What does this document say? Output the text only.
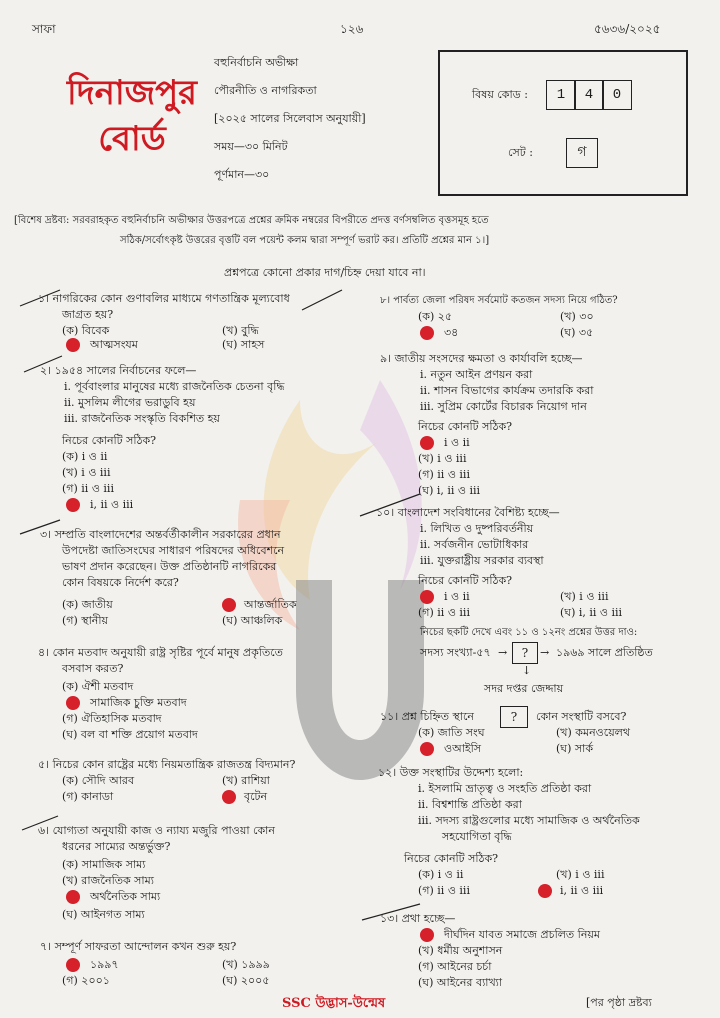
সাফা	১২৬	৫৬৩৬/২০২৫
দিনাজপুর
বোর্ড
বহুনির্বাচনি অভীক্ষা
পৌরনীতি ও নাগরিকতা
[২০২৫ সালের সিলেবাস অনুযায়ী]
সময়—৩০ মিনিট
পূর্ণমান—৩০
বিষয় কোড :	1	4	0
সেট :	গ
[বিশেষ দ্রষ্টব্য: সরবরাহকৃত বহুনির্বাচনি অভীক্ষার উত্তরপত্রে প্রশ্নের ক্রমিক নম্বরের বিপরীতে প্রদত্ত বর্ণসম্বলিত বৃত্তসমূহ হতে
সঠিক/সর্বোৎকৃষ্ট উত্তরের বৃত্তটি বল পয়েন্ট কলম দ্বারা সম্পূর্ণ ভরাট কর। প্রতিটি প্রশ্নের মান ১।]
প্রশ্নপত্রে কোনো প্রকার দাগ/চিহ্ন দেয়া যাবে না।
১। নাগরিকের কোন গুণাবলির মাধ্যমে গণতান্ত্রিক মূল্যবোধ
জাগ্রত হয়?
(ক) বিবেক	(খ) বুদ্ধি
আত্মসংযম	(ঘ) সাহস
২। ১৯৫৪ সালের নির্বাচনের ফলে—
i. পূর্ববাংলার মানুষের মধ্যে রাজনৈতিক চেতনা বৃদ্ধি
ii. মুসলিম লীগের ভরাডুবি হয়
iii. রাজনৈতিক সংস্কৃতি বিকশিত হয়
নিচের কোনটি সঠিক?
(ক) i ও ii
(খ) i ও iii
(গ) ii ও iii
i, ii ও iii
৩। সম্প্রতি বাংলাদেশের অন্তর্বর্তীকালীন সরকারের প্রধান
উপদেষ্টা জাতিসংঘের সাধারণ পরিষদের অধিবেশনে
ভাষণ প্রদান করেছেন। উক্ত প্রতিষ্ঠানটি নাগরিকের
কোন বিষয়কে নির্দেশ করে?
(ক) জাতীয়	আন্তর্জাতিক
(গ) স্থানীয়	(ঘ) আঞ্চলিক
৪। কোন মতবাদ অনুযায়ী রাষ্ট্র সৃষ্টির পূর্বে মানুষ প্রকৃতিতে
বসবাস করত?
(ক) ঐশী মতবাদ
সামাজিক চুক্তি মতবাদ
(গ) ঐতিহাসিক মতবাদ
(ঘ) বল বা শক্তি প্রয়োগ মতবাদ
৫। নিচের কোন রাষ্ট্রের মধ্যে নিয়মতান্ত্রিক রাজতন্ত্র বিদ্যমান?
(ক) সৌদি আরব	(খ) রাশিয়া
(গ) কানাডা	বৃটেন
৬। যোগ্যতা অনুযায়ী কাজ ও ন্যায্য মজুরি পাওয়া কোন
ধরনের সাম্যের অন্তর্ভুক্ত?
(ক) সামাজিক সাম্য
(খ) রাজনৈতিক সাম্য
অর্থনৈতিক সাম্য
(ঘ) আইনগত সাম্য
৭। সম্পূর্ণ সাফরতা আন্দোলন কখন শুরু হয়?
১৯৯৭	(খ) ১৯৯৯
(গ) ২০০১	(ঘ) ২০০৫
৮। পার্বত্য জেলা পরিষদ সর্বমোট কতজন সদস্য নিয়ে গঠিত?
(ক) ২৫	(খ) ৩০
৩৪	(ঘ) ৩৫
৯। জাতীয় সংসদের ক্ষমতা ও কার্যাবলি হচ্ছে—
i. নতুন আইন প্রণয়ন করা
ii. শাসন বিভাগের কার্যক্রম তদারকি করা
iii. সুপ্রিম কোর্টের বিচারক নিয়োগ দান
নিচের কোনটি সঠিক?
i ও ii
(খ) i ও iii
(গ) ii ও iii
(ঘ) i, ii ও iii
১০। বাংলাদেশ সংবিধানের বৈশিষ্ট্য হচ্ছে—
i. লিখিত ও দুষ্পরিবর্তনীয়
ii. সর্বজনীন ভোটাধিকার
iii. যুক্তরাষ্ট্রীয় সরকার ব্যবস্থা
নিচের কোনটি সঠিক?
i ও ii	(খ) i ও iii
(গ) ii ও iii	(ঘ) i, ii ও iii
নিচের ছকটি দেখে এবং ১১ ও ১২নং প্রশ্নের উত্তর দাও:
সদস্য সংখ্যা-৫৭ →	?	→ ১৯৬৯ সালে প্রতিষ্ঠিত
↓
সদর দপ্তর জেদ্দায়
১১। প্রশ্ন চিহ্নিত স্থানে	?	কোন সংস্থাটি বসবে?
(ক) জাতি সংঘ	(খ) কমনওয়েলথ
ওআইসি	(ঘ) সার্ক
১২। উক্ত সংস্থাটির উদ্দেশ্য হলো:
i. ইসলামি ভ্রাতৃত্ব ও সংহতি প্রতিষ্ঠা করা
ii. বিশ্বশান্তি প্রতিষ্ঠা করা
iii. সদস্য রাষ্ট্রগুলোর মধ্যে সামাজিক ও অর্থনৈতিক
সহযোগিতা বৃদ্ধি
নিচের কোনটি সঠিক?
(ক) i ও ii	(খ) i ও iii
(গ) ii ও iii	i, ii ও iii
১৩। প্রথা হচ্ছে—
দীর্ঘদিন যাবত সমাজে প্রচলিত নিয়ম
(খ) ধর্মীয় অনুশাসন
(গ) আইনের চর্চা
(ঘ) আইনের ব্যাখ্যা
SSC উদ্ভাস-উন্মেষ	[পর পৃষ্ঠা দ্রষ্টব্য
